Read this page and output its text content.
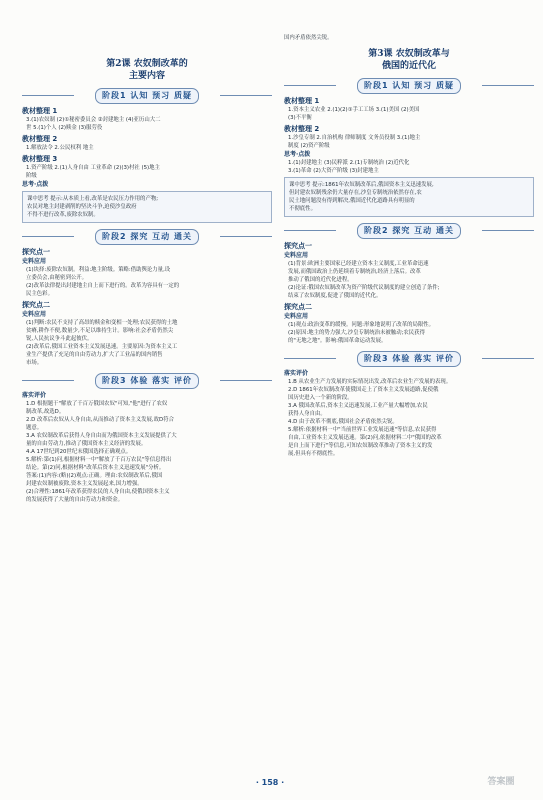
第2课 农奴制改革的
主要内容
阶段1 认知 预习 质疑
教材整理 1
3.(1)农奴制 (2)①秘密委员会 ②封建地主 (4)亚历山大二
世 5.(1)个人 (2)赎金 (3)服劳役
教材整理 2
1.解放法令 2.公民权利 地主
教材整理 3
1.资产阶级 2.(1)人身自由 工业革命 (2)(3)村社 (5)地主
阶级
思考·点拨
课中思考 提示:从本质上看,改革是农民压力作用的产物;
农民对地主封建剥削的坚决斗争,迫使沙皇政府
不得不进行改革,废除农奴制。
阶段2 探究 互动 通关
探究点一
史料应用
(1)块择:废除农奴制。利益:地主阶级。策略:借助舆论力量,设
立委员会,由秘密到公开。
(2)改革法律提出封建地主自上而下进行的。改革为容具有一定的
民主色彩。
探究点二
史料应用
(1)判断:农民不支持了高昂的赎金和变相一处理;农民获得的土地
贫瘠,耕作不便,数量少,不足以维持生计。影响:社会矛盾仍然尖
锐,人民抗议争斗此起彼伏。
(2)改革后,俄国工业资本主义发展迅速。主要原因:为资本主义工
业生产提供了充足的自由劳动力,扩大了工业品的国内销售
市场。
阶段3 体验 落实 评价
落实评价
1.D 根据题干"解放了千百万俄国农奴"可知,"他"进行了农奴
制改革,故选D。
2.D 改革后农奴从人身自由,从而推动了资本主义发展,故D符合
题意。
3.A 农奴制改革后获得人身自由而为俄国资本主义发展提供了大
量的自由劳动力,推动了俄国资本主义经济的发展。
4.A 17世纪到20世纪末俄国选择正确观点。
5.解析:第(1)问,根据材料一中"解放了千百万农民"等信息得出
结论。第(2)问,根据材料"改革后资本主义迅速发展"分析。
答案:(1)内容:(略)(2)观点:正确。理由:农奴制改革后,俄国
封建农奴制被废除,资本主义发展起来,国力增强。
(2)合理性:1861年改革获得农民的人身自由,使俄国资本主义
的发展获得了大量的自由劳动力和资金。
国内矛盾依然尖锐。
第3课 农奴制改革与
俄国的近代化
阶段1 认知 预习 质疑
教材整理 1
1.资本主义农业 2.(1)(2)①手工工场 3.(1)美国 (2)美国
(3)不平衡
教材整理 2
1.沙皇专制 2.自治机构 律师制度 文务员役制 3.(1)地主
制度 (2)资产阶级
思考·点拨
1.(1)封建地主 (3)民粹派 2.(1)专制统治 (2)近代化
3.(1)革命 (2)大资产阶级 (3)封建地主
课中思考 提示:1861年农奴制改革后,俄国资本主义迅速发展,
但封建农奴制残余仍大量存在,沙皇专制统治依然存在,农
民土地问题没有得到解决,俄国近代化道路具有明显的
不彻底性。
阶段2 探究 互动 通关
探究点一
史料应用
(1)背景:欧洲主要国家已经建立资本主义制度,工业革命迅速
发展,而俄国政治上仍延续着专制统治,经济上落后。改革
推动了俄国的近代化进程。
(2)论证:俄国农奴制改革为资产阶级代议制度的建立创造了条件;
结束了农奴制度,促进了俄国的近代化。
探究点二
史料应用
(1)观点:政治变革的缓慢。问题:形象地说明了改革的局限性。
(2)原因:地主的势力强大,沙皇专制统治未被触动;农民获得
的"无地之地"。影响:俄国革命运动发展。
阶段3 体验 落实 评价
落实评价
1.B 从农业生产力发展的实际情况出发,改革后农业生产发展的表现。
2.D 1861年农奴制改革使俄国走上了资本主义发展道路,促使俄
国历史进入一个新的阶段。
3.A 俄国改革后,资本主义迅速发展,工业产量大幅增加,农民
获得人身自由。
4.D 由于改革不彻底,俄国社会矛盾依然尖锐。
5.解析:依据材料一中"当前世界工业发展迅速"等信息,农民获得
自由,工业资本主义发展迅速。第(2)问,依据材料二中"俄国的改革
是自上而下进行"等信息,可知农奴制改革推动了资本主义的发
展,但具有不彻底性。
· 158 ·	答案圈
